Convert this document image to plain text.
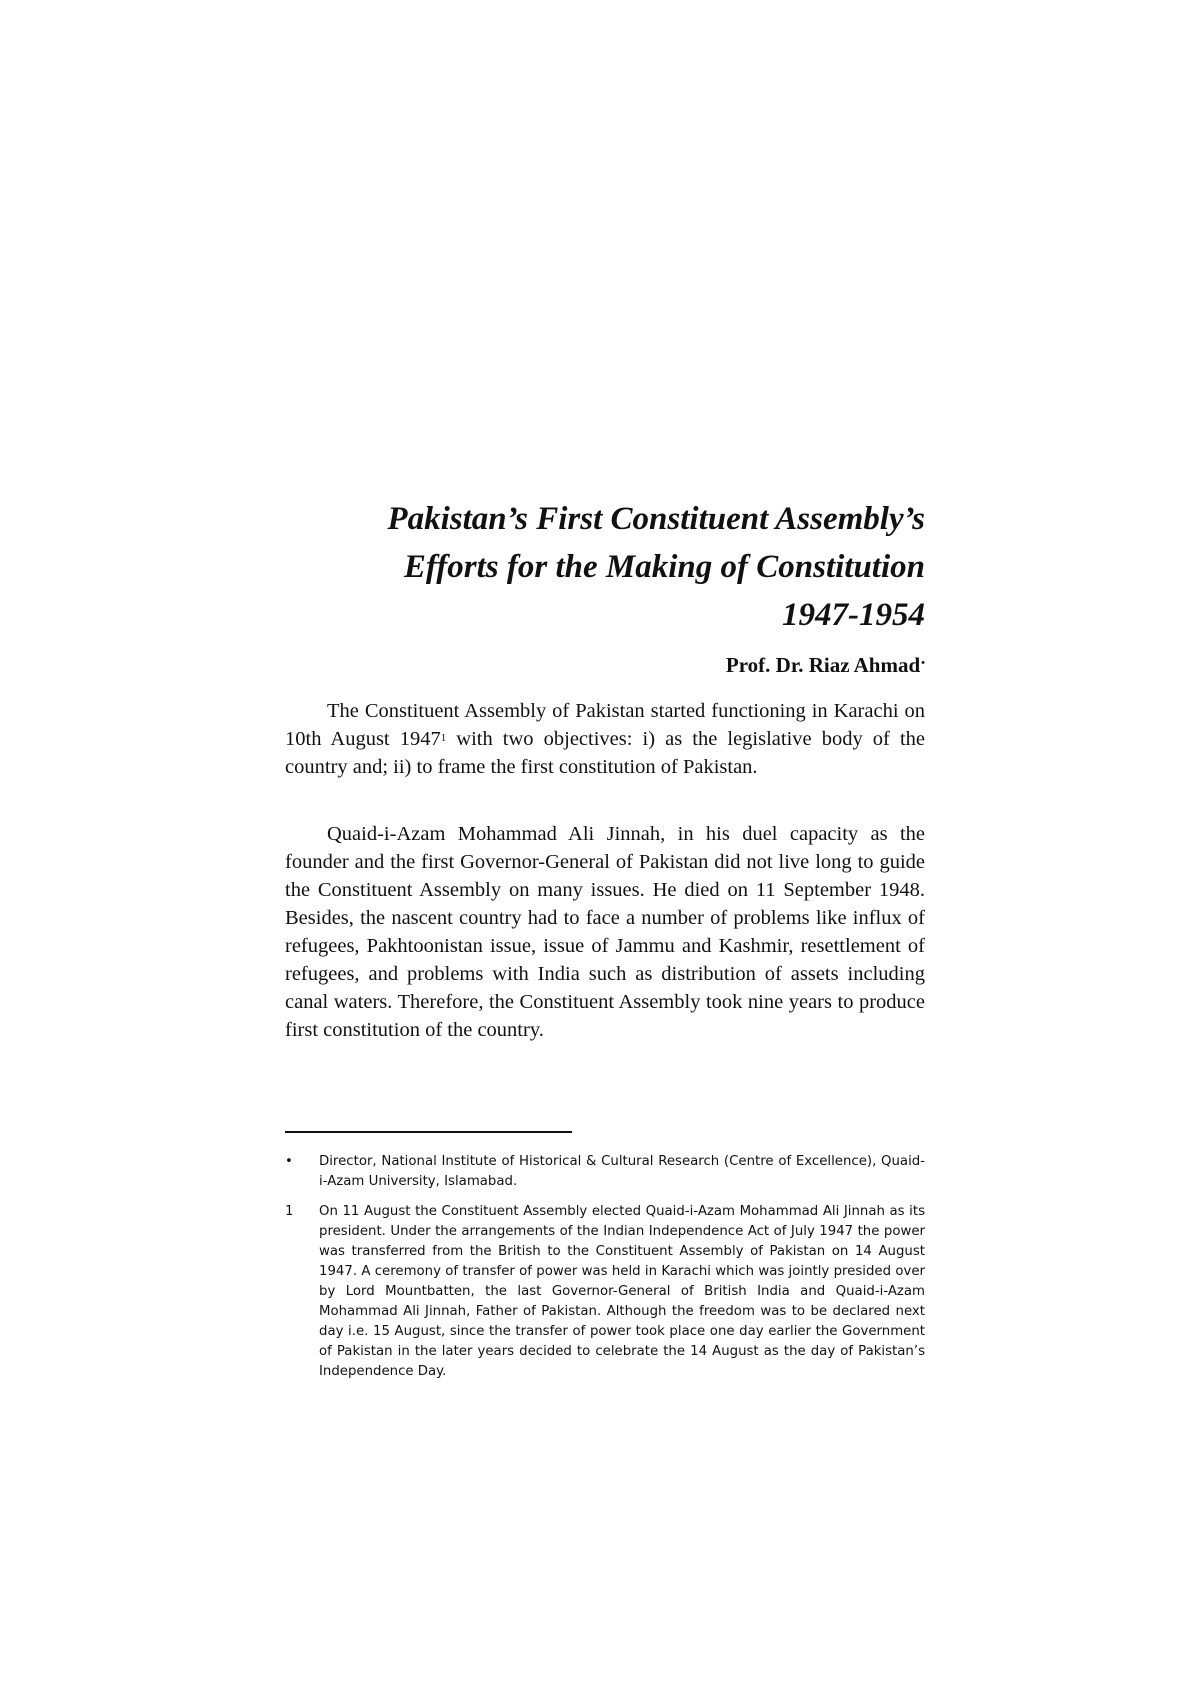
Pakistan’s First Constituent Assembly’s
Efforts for the Making of Constitution
1947-1954

Prof. Dr. Riaz Ahmad•

The Constituent Assembly of Pakistan started functioning in Karachi on 10th August 1947$^1$ with two objectives: i) as the legislative body of the country and; ii) to frame the first constitution of Pakistan.

Quaid-i-Azam Mohammad Ali Jinnah, in his duel capacity as the founder and the first Governor-General of Pakistan did not live long to guide the Constituent Assembly on many issues. He died on 11 September 1948. Besides, the nascent country had to face a number of problems like influx of refugees, Pakhtoonistan issue, issue of Jammu and Kashmir, resettlement of refugees, and problems with India such as distribution of assets including canal waters. Therefore, the Constituent Assembly took nine years to produce first constitution of the country.

•	Director, National Institute of Historical & Cultural Research (Centre of Excellence), Quaid-i-Azam University, Islamabad.
1	On 11 August the Constituent Assembly elected Quaid-i-Azam Mohammad Ali Jinnah as its president. Under the arrangements of the Indian Independence Act of July 1947 the power was transferred from the British to the Constituent Assembly of Pakistan on 14 August 1947. A ceremony of transfer of power was held in Karachi which was jointly presided over by Lord Mountbatten, the last Governor-General of British India and Quaid-i-Azam Mohammad Ali Jinnah, Father of Pakistan. Although the freedom was to be declared next day i.e. 15 August, since the transfer of power took place one day earlier the Government of Pakistan in the later years decided to celebrate the 14 August as the day of Pakistan’s Independence Day.
